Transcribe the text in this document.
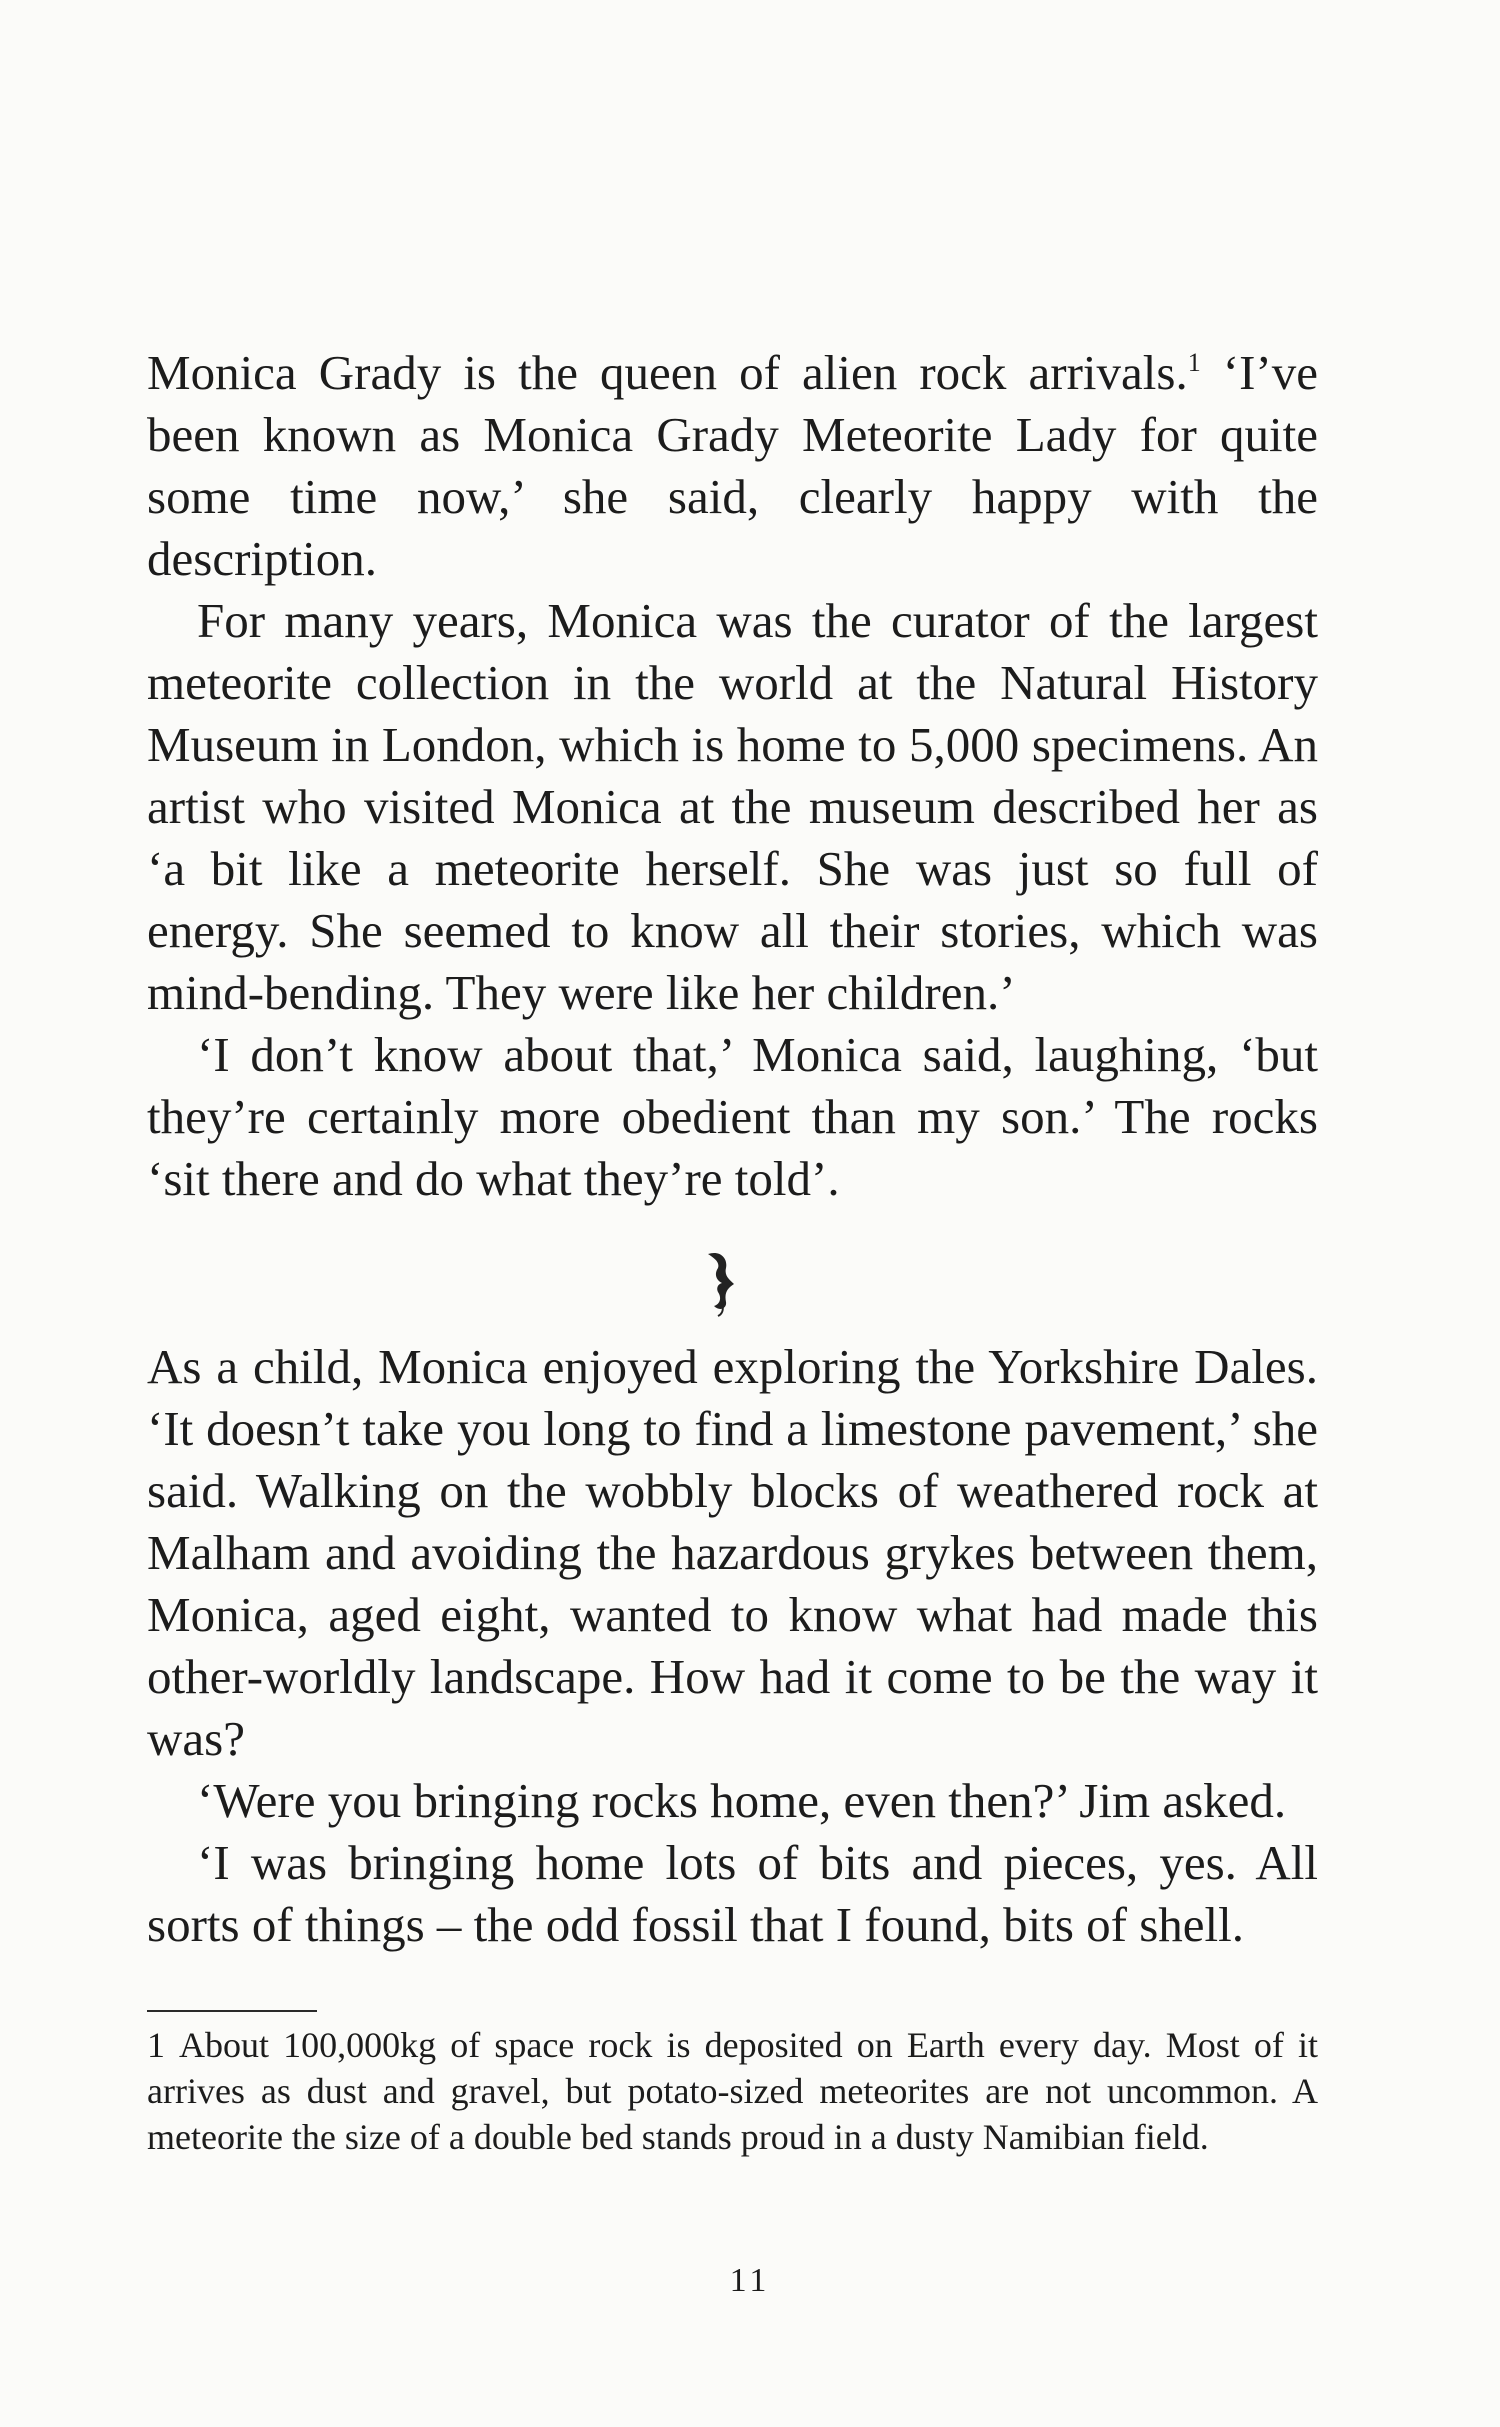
Monica Grady is the queen of alien rock arrivals.$^1$ ‘I’ve been known as Monica Grady Meteorite Lady for quite some time now,’ she said, clearly happy with the description.

For many years, Monica was the curator of the largest meteorite collection in the world at the Natural History Museum in London, which is home to 5,000 specimens. An artist who visited Monica at the museum described her as ‘a bit like a meteorite herself. She was just so full of energy. She seemed to know all their stories, which was mind-bending. They were like her children.’

‘I don’t know about that,’ Monica said, laughing, ‘but they’re certainly more obedient than my son.’ The rocks ‘sit there and do what they’re told’.

As a child, Monica enjoyed exploring the Yorkshire Dales. ‘It doesn’t take you long to find a limestone pavement,’ she said. Walking on the wobbly blocks of weathered rock at Malham and avoiding the hazardous grykes between them, Monica, aged eight, wanted to know what had made this other-worldly landscape. How had it come to be the way it was?

‘Were you bringing rocks home, even then?’ Jim asked.

‘I was bringing home lots of bits and pieces, yes. All sorts of things – the odd fossil that I found, bits of shell.

1 About 100,000kg of space rock is deposited on Earth every day. Most of it arrives as dust and gravel, but potato-sized meteorites are not uncommon. A meteorite the size of a double bed stands proud in a dusty Namibian field.

11
